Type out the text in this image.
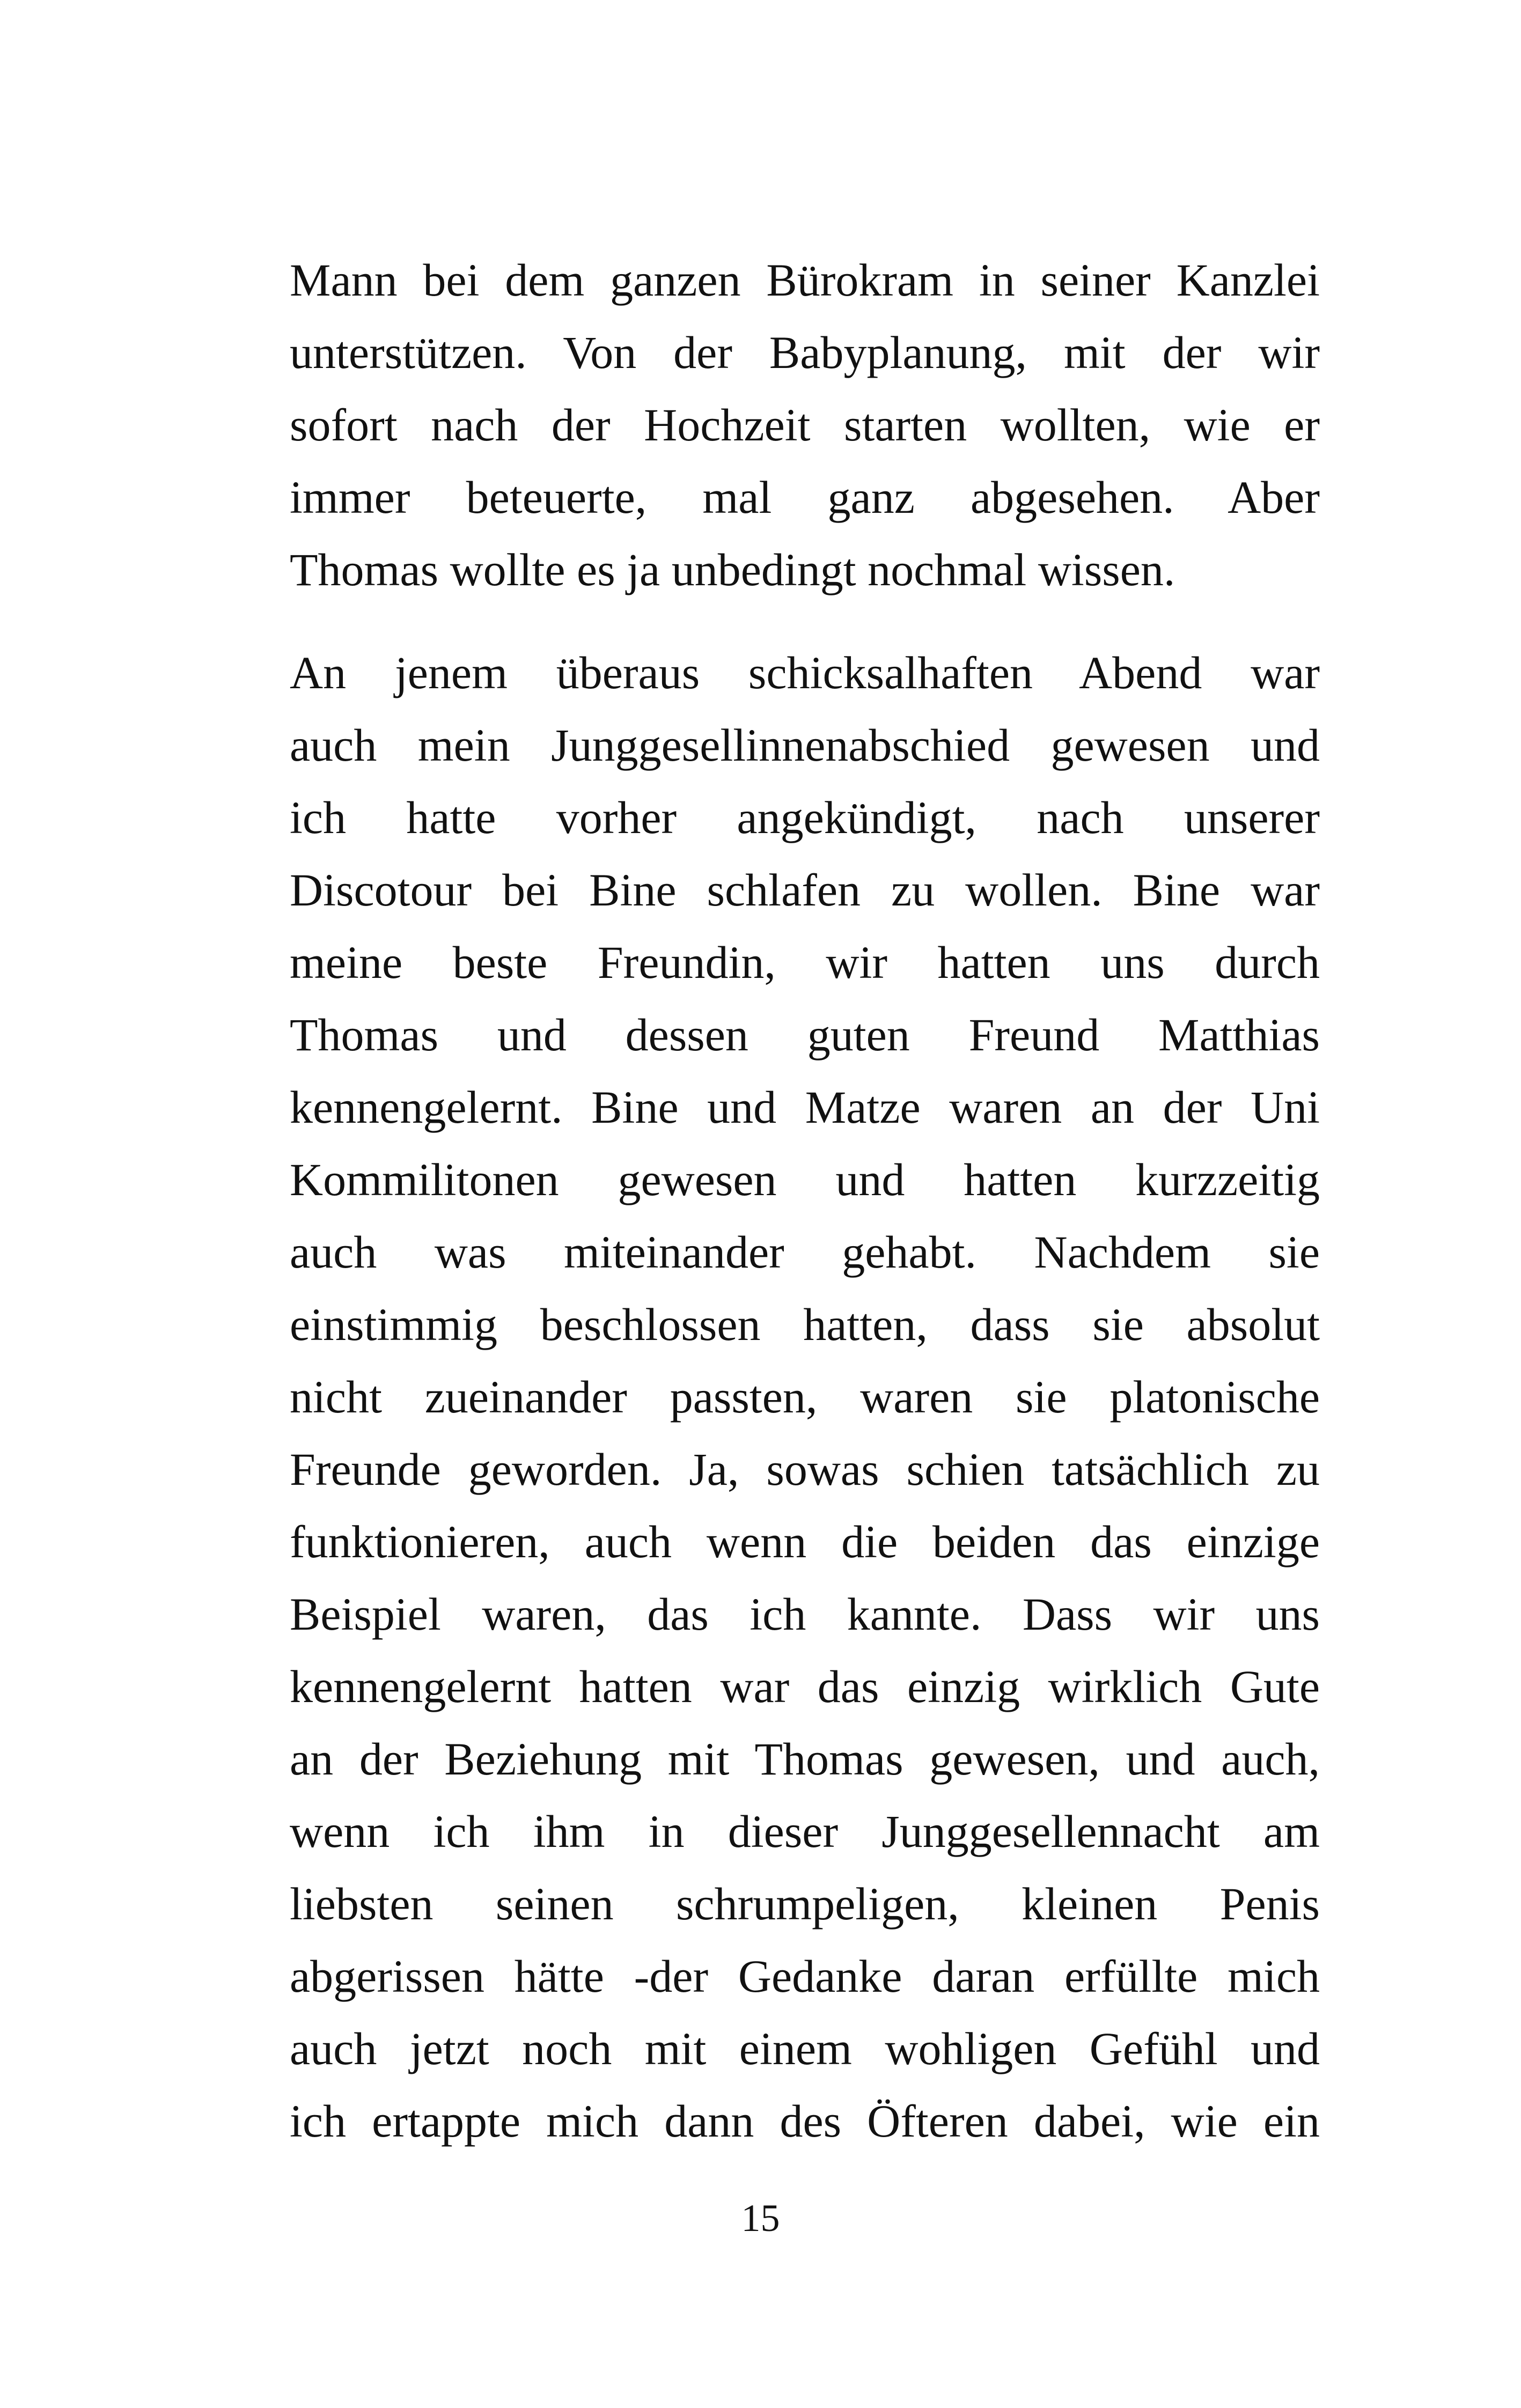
Mann bei dem ganzen Bürokram in seiner Kanzlei
unterstützen. Von der Babyplanung, mit der wir
sofort nach der Hochzeit starten wollten, wie er
immer beteuerte, mal ganz abgesehen. Aber
Thomas wollte es ja unbedingt nochmal wissen.
An jenem überaus schicksalhaften Abend war
auch mein Junggesellinnenabschied gewesen und
ich hatte vorher angekündigt, nach unserer
Discotour bei Bine schlafen zu wollen. Bine war
meine beste Freundin, wir hatten uns durch
Thomas und dessen guten Freund Matthias
kennengelernt. Bine und Matze waren an der Uni
Kommilitonen gewesen und hatten kurzzeitig
auch was miteinander gehabt. Nachdem sie
einstimmig beschlossen hatten, dass sie absolut
nicht zueinander passten, waren sie platonische
Freunde geworden. Ja, sowas schien tatsächlich zu
funktionieren, auch wenn die beiden das einzige
Beispiel waren, das ich kannte. Dass wir uns
kennengelernt hatten war das einzig wirklich Gute
an der Beziehung mit Thomas gewesen, und auch,
wenn ich ihm in dieser Junggesellennacht am
liebsten seinen schrumpeligen, kleinen Penis
abgerissen hätte -der Gedanke daran erfüllte mich
auch jetzt noch mit einem wohligen Gefühl und
ich ertappte mich dann des Öfteren dabei, wie ein
15
